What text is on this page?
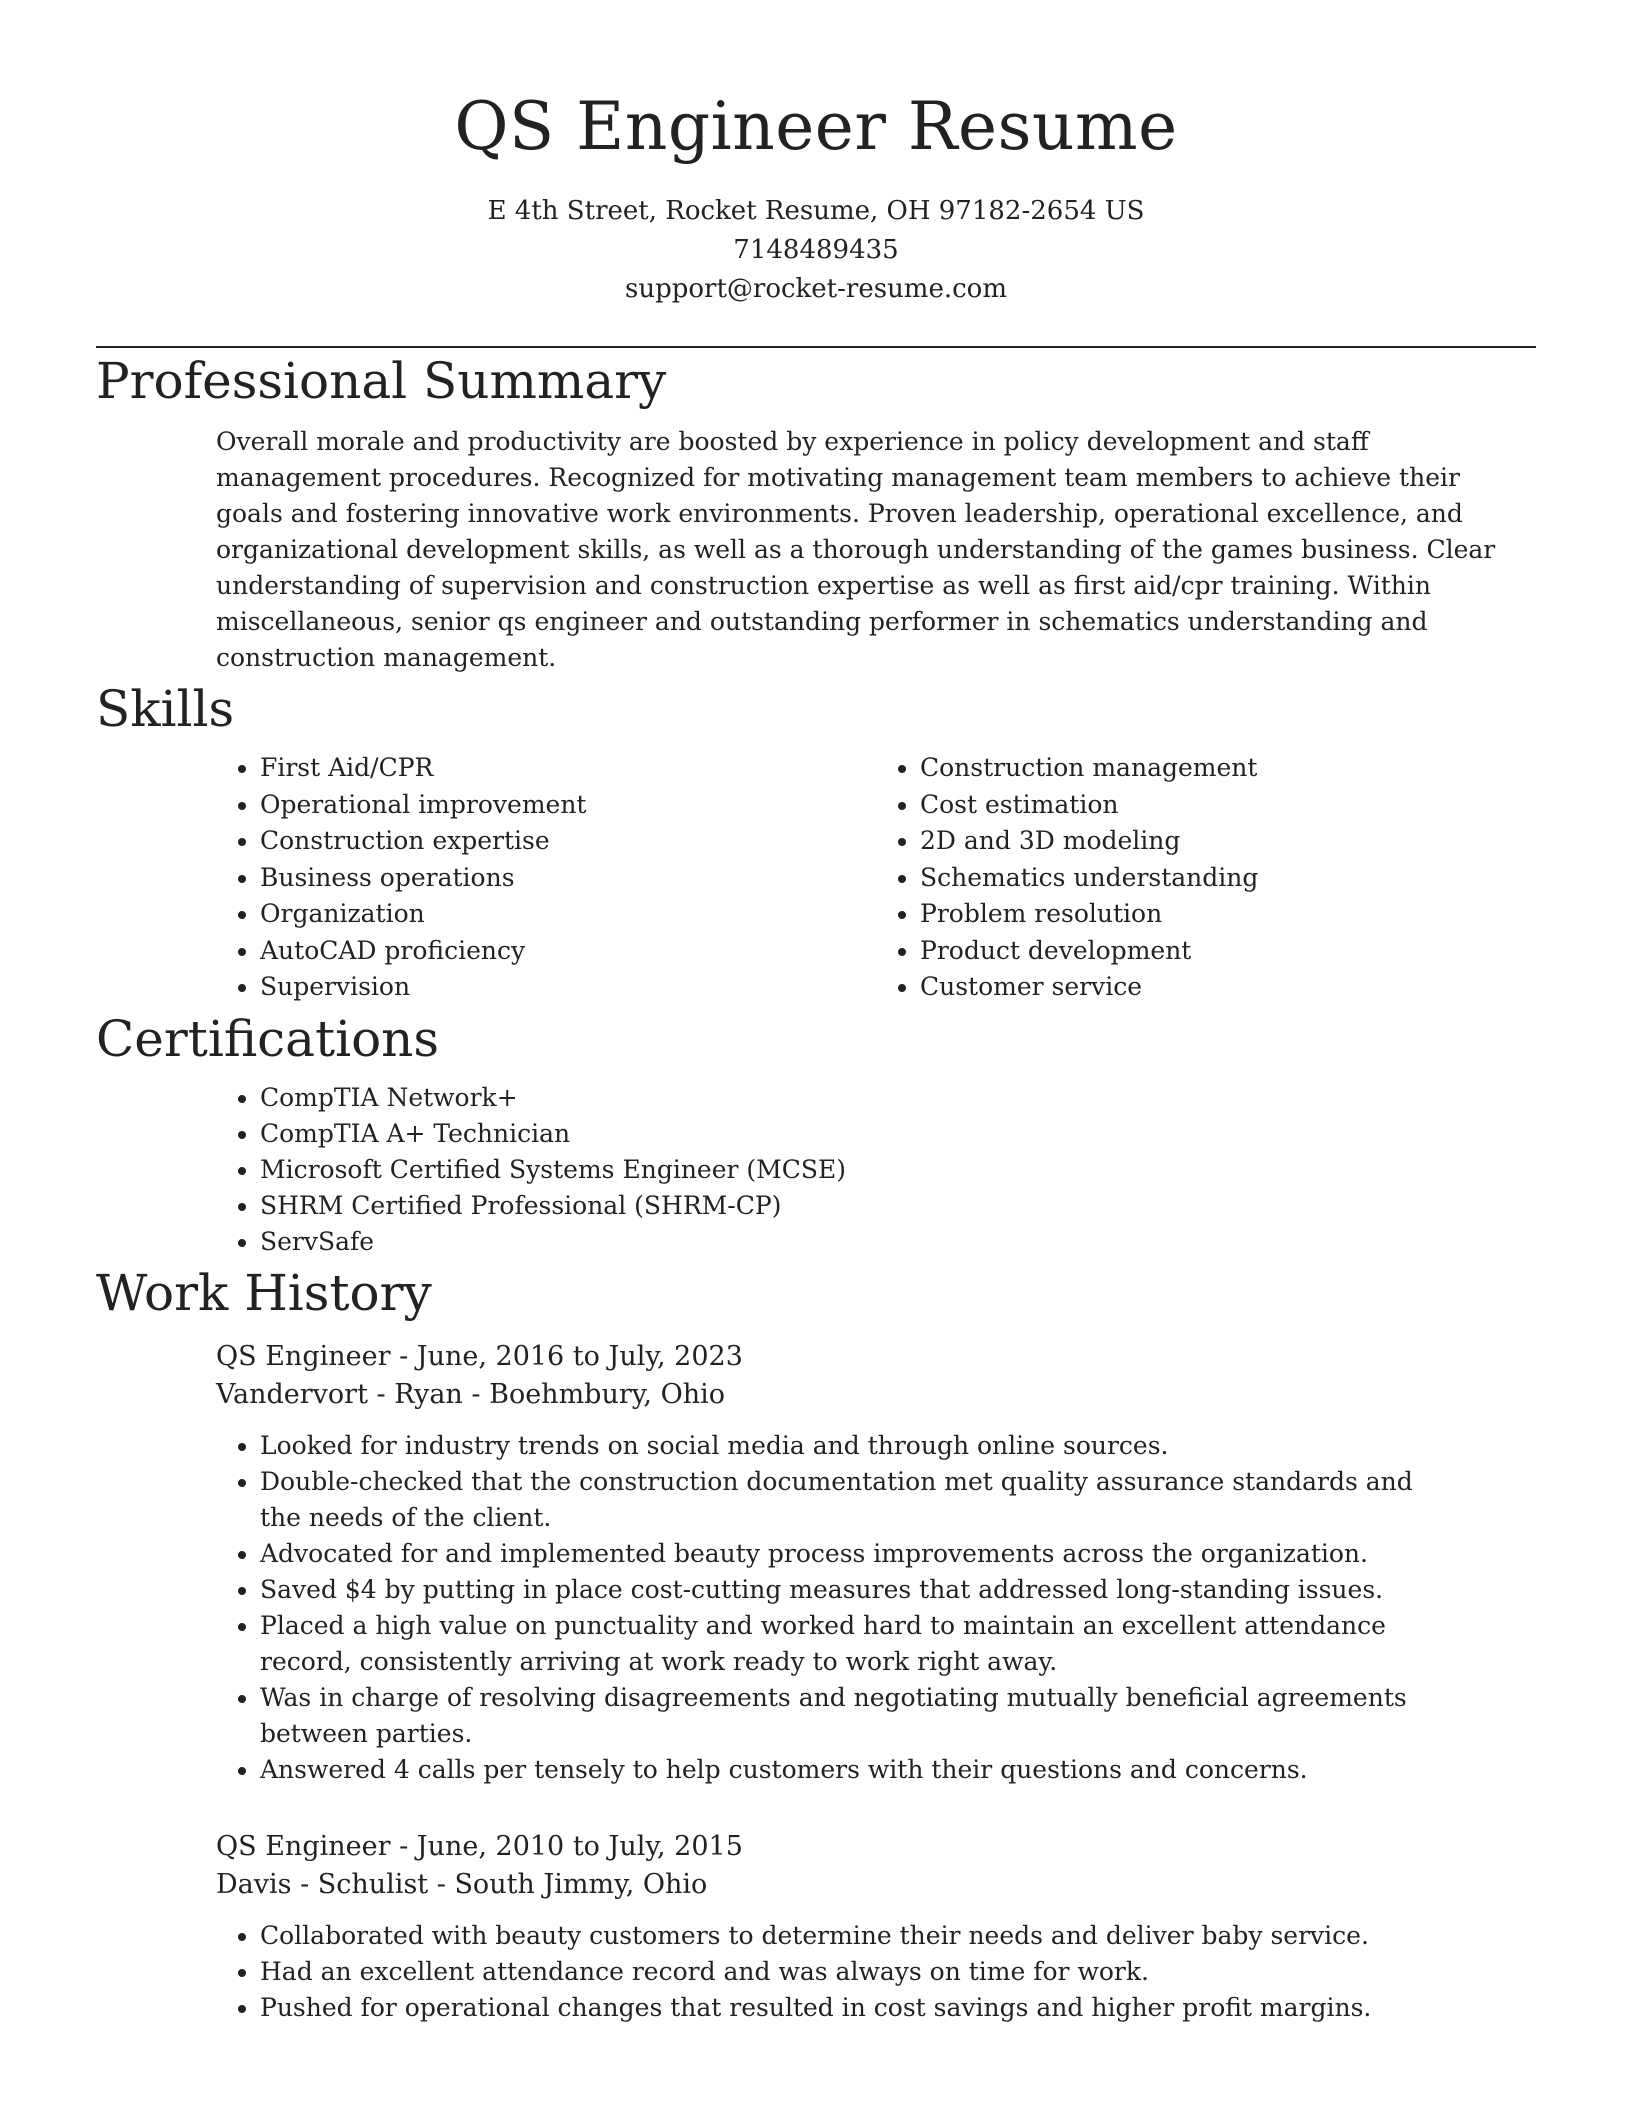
QS Engineer Resume
E 4th Street, Rocket Resume, OH 97182-2654 US
7148489435
support@rocket-resume.com
Professional Summary

Overall morale and productivity are boosted by experience in policy development and staff management procedures. Recognized for motivating management team members to achieve their goals and fostering innovative work environments. Proven leadership, operational excellence, and organizational development skills, as well as a thorough understanding of the games business. Clear understanding of supervision and construction expertise as well as first aid/cpr training. Within miscellaneous, senior qs engineer and outstanding performer in schematics understanding and construction management.

Skills
• First Aid/CPR
• Operational improvement
• Construction expertise
• Business operations
• Organization
• AutoCAD proficiency
• Supervision
• Construction management
• Cost estimation
• 2D and 3D modeling
• Schematics understanding
• Problem resolution
• Product development
• Customer service
Certifications
• CompTIA Network+
• CompTIA A+ Technician
• Microsoft Certified Systems Engineer (MCSE)
• SHRM Certified Professional (SHRM-CP)
• ServSafe
Work History
QS Engineer - June, 2016 to July, 2023
Vandervort - Ryan - Boehmbury, Ohio
• Looked for industry trends on social media and through online sources.
• Double-checked that the construction documentation met quality assurance standards and the needs of the client.
• Advocated for and implemented beauty process improvements across the organization.
• Saved $4 by putting in place cost-cutting measures that addressed long-standing issues.
• Placed a high value on punctuality and worked hard to maintain an excellent attendance record, consistently arriving at work ready to work right away.
• Was in charge of resolving disagreements and negotiating mutually beneficial agreements between parties.
• Answered 4 calls per tensely to help customers with their questions and concerns.
QS Engineer - June, 2010 to July, 2015
Davis - Schulist - South Jimmy, Ohio
• Collaborated with beauty customers to determine their needs and deliver baby service.
• Had an excellent attendance record and was always on time for work.
• Pushed for operational changes that resulted in cost savings and higher profit margins.
